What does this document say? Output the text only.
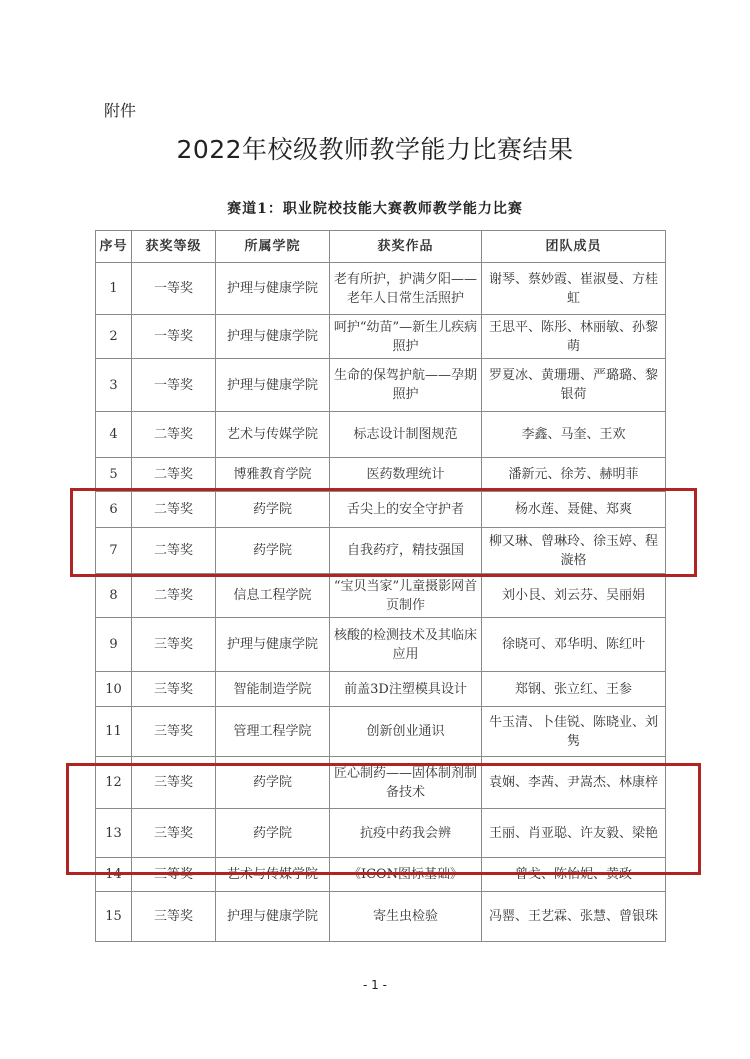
附件
2022年校级教师教学能力比赛结果
赛道1：职业院校技能大赛教师教学能力比赛
序号	获奖等级	所属学院	获奖作品	团队成员
1	一等奖	护理与健康学院	老有所护，护满夕阳——老年人日常生活照护	谢琴、蔡妙霞、崔淑曼、方桂虹
2	一等奖	护理与健康学院	呵护“幼苗”—新生儿疾病照护	王思平、陈彤、林丽敏、孙黎萌
3	一等奖	护理与健康学院	生命的保驾护航——孕期照护	罗夏冰、黄珊珊、严璐璐、黎银荷
4	二等奖	艺术与传媒学院	标志设计制图规范	李鑫、马奎、王欢
5	二等奖	博雅教育学院	医药数理统计	潘新元、徐芳、赫明菲
6	二等奖	药学院	舌尖上的安全守护者	杨水莲、聂健、郑爽
7	二等奖	药学院	自我药疗，精技强国	柳又琳、曾琳玲、徐玉婷、程漩格
8	二等奖	信息工程学院	“宝贝当家”儿童摄影网首页制作	刘小艮、刘云芬、吴丽娟
9	三等奖	护理与健康学院	核酸的检测技术及其临床应用	徐晓可、邓华明、陈红叶
10	三等奖	智能制造学院	前盖3D注塑模具设计	郑钢、张立红、王参
11	三等奖	管理工程学院	创新创业通识	牛玉清、卜佳锐、陈晓业、刘隽
12	三等奖	药学院	匠心制药——固体制剂制备技术	袁娴、李茜、尹嵩杰、林康梓
13	三等奖	药学院	抗疫中药我会辨	王丽、肖亚聪、许友毅、梁艳
14	三等奖	艺术与传媒学院	《ICON图标基础》	曾戈、陈怡妮、黄政
15	三等奖	护理与健康学院	寄生虫检验	冯罂、王艺霖、张慧、曾银珠
- 1 -
